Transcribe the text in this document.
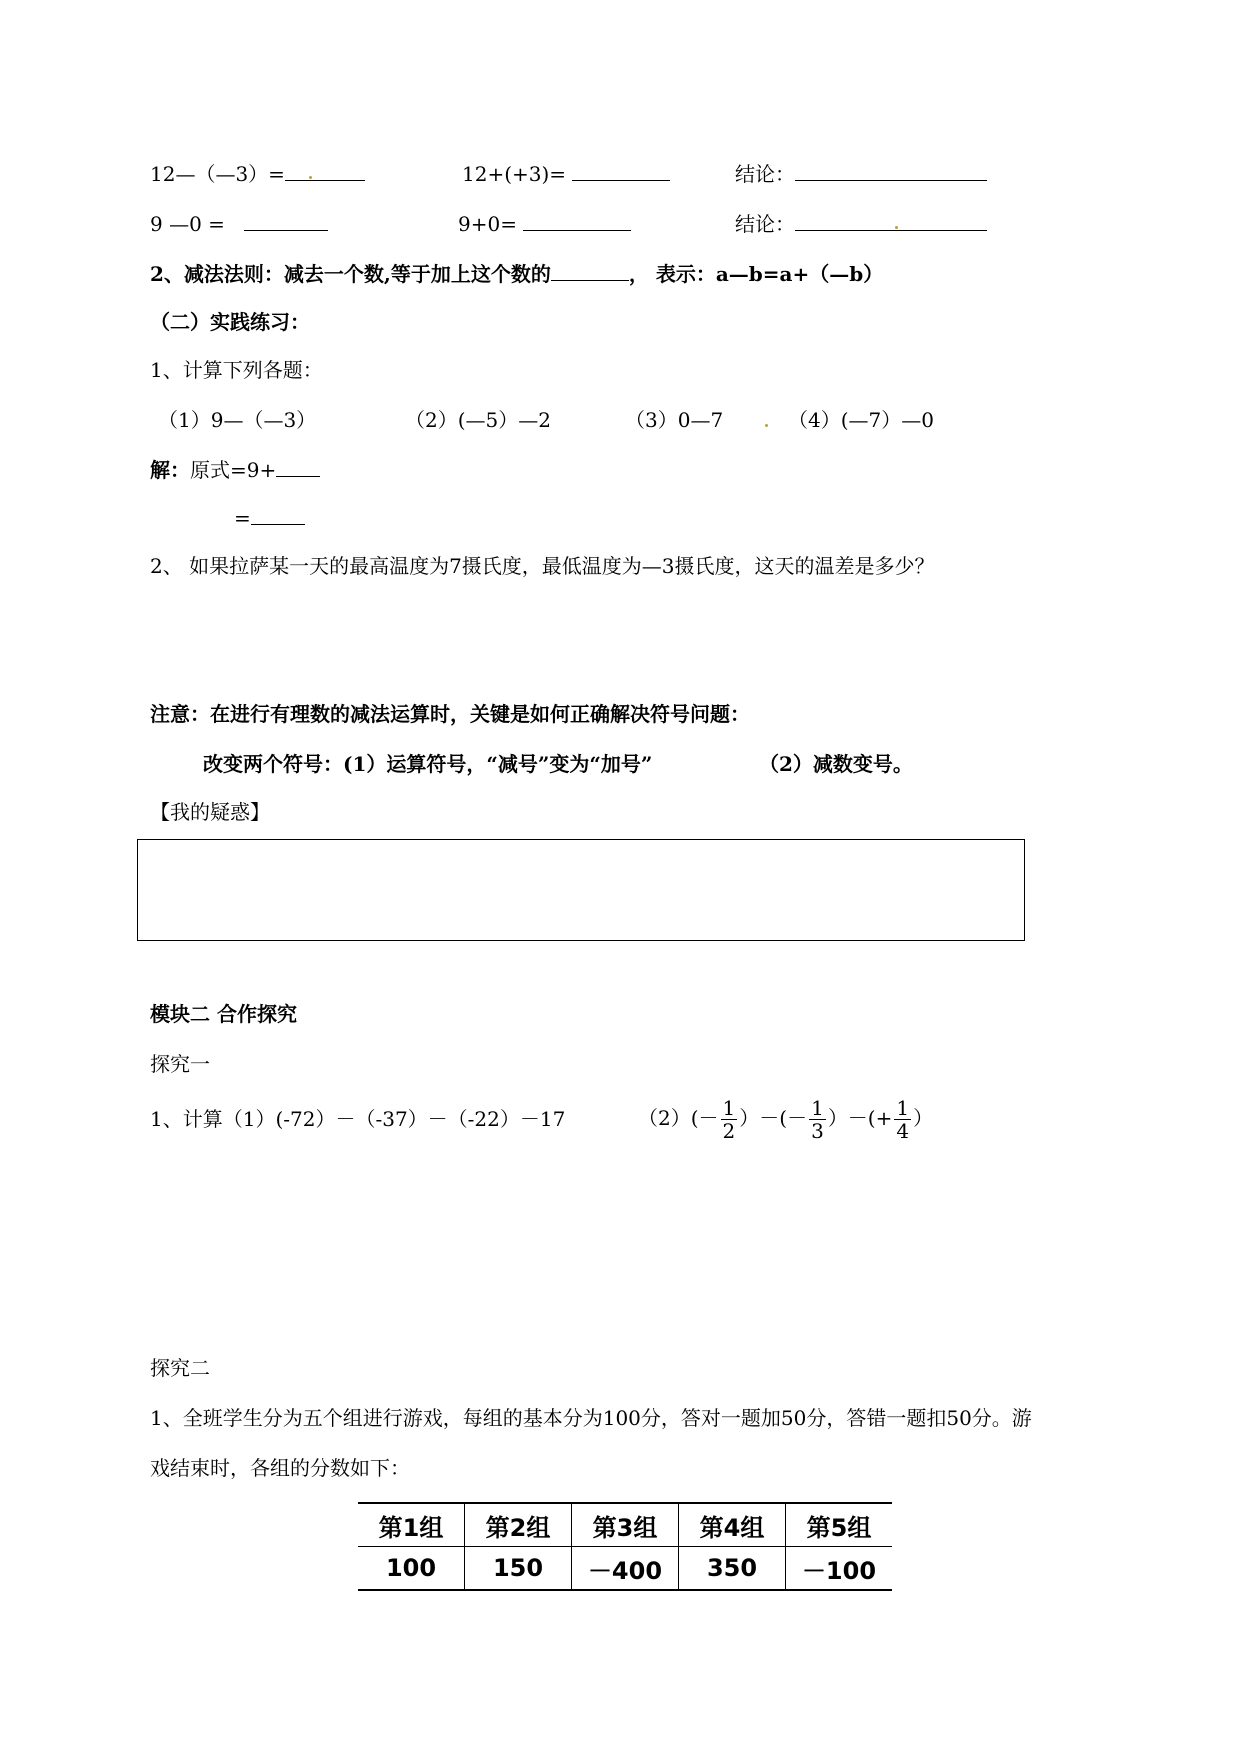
12—（—3）=	12+(+3)=	结论：
9 —0 =	9+0=	结论：
2、减法法则：减去一个数,等于加上这个数的	， 表示：a—b=a+（—b）
（二）实践练习：
1、计算下列各题：
（1）9—（—3）	（2）(—5）—2	（3）0—7	（4）(—7）—0
解：原式=9+
=
2、 如果拉萨某一天的最高温度为7摄氏度，最低温度为—3摄氏度，这天的温差是多少？
注意：在进行有理数的减法运算时，关键是如何正确解决符号问题：
改变两个符号：(1）运算符号，“减号”变为“加号”	（2）减数变号。
【我的疑惑】
模块二 合作探究
探究一
1、计算（1）(-72）－（-37）－（-22）－17	$(2)(- \frac{1}{2}$ ）－(－ $\frac{1}{3}$ ）－(+ $\frac{1}{4}$ ）
探究二
1、全班学生分为五个组进行游戏，每组的基本分为100分，答对一题加50分，答错一题扣50分。游
戏结束时，各组的分数如下：
第1组	第2组	第3组	第4组	第5组
100	150	－400	350	－100
